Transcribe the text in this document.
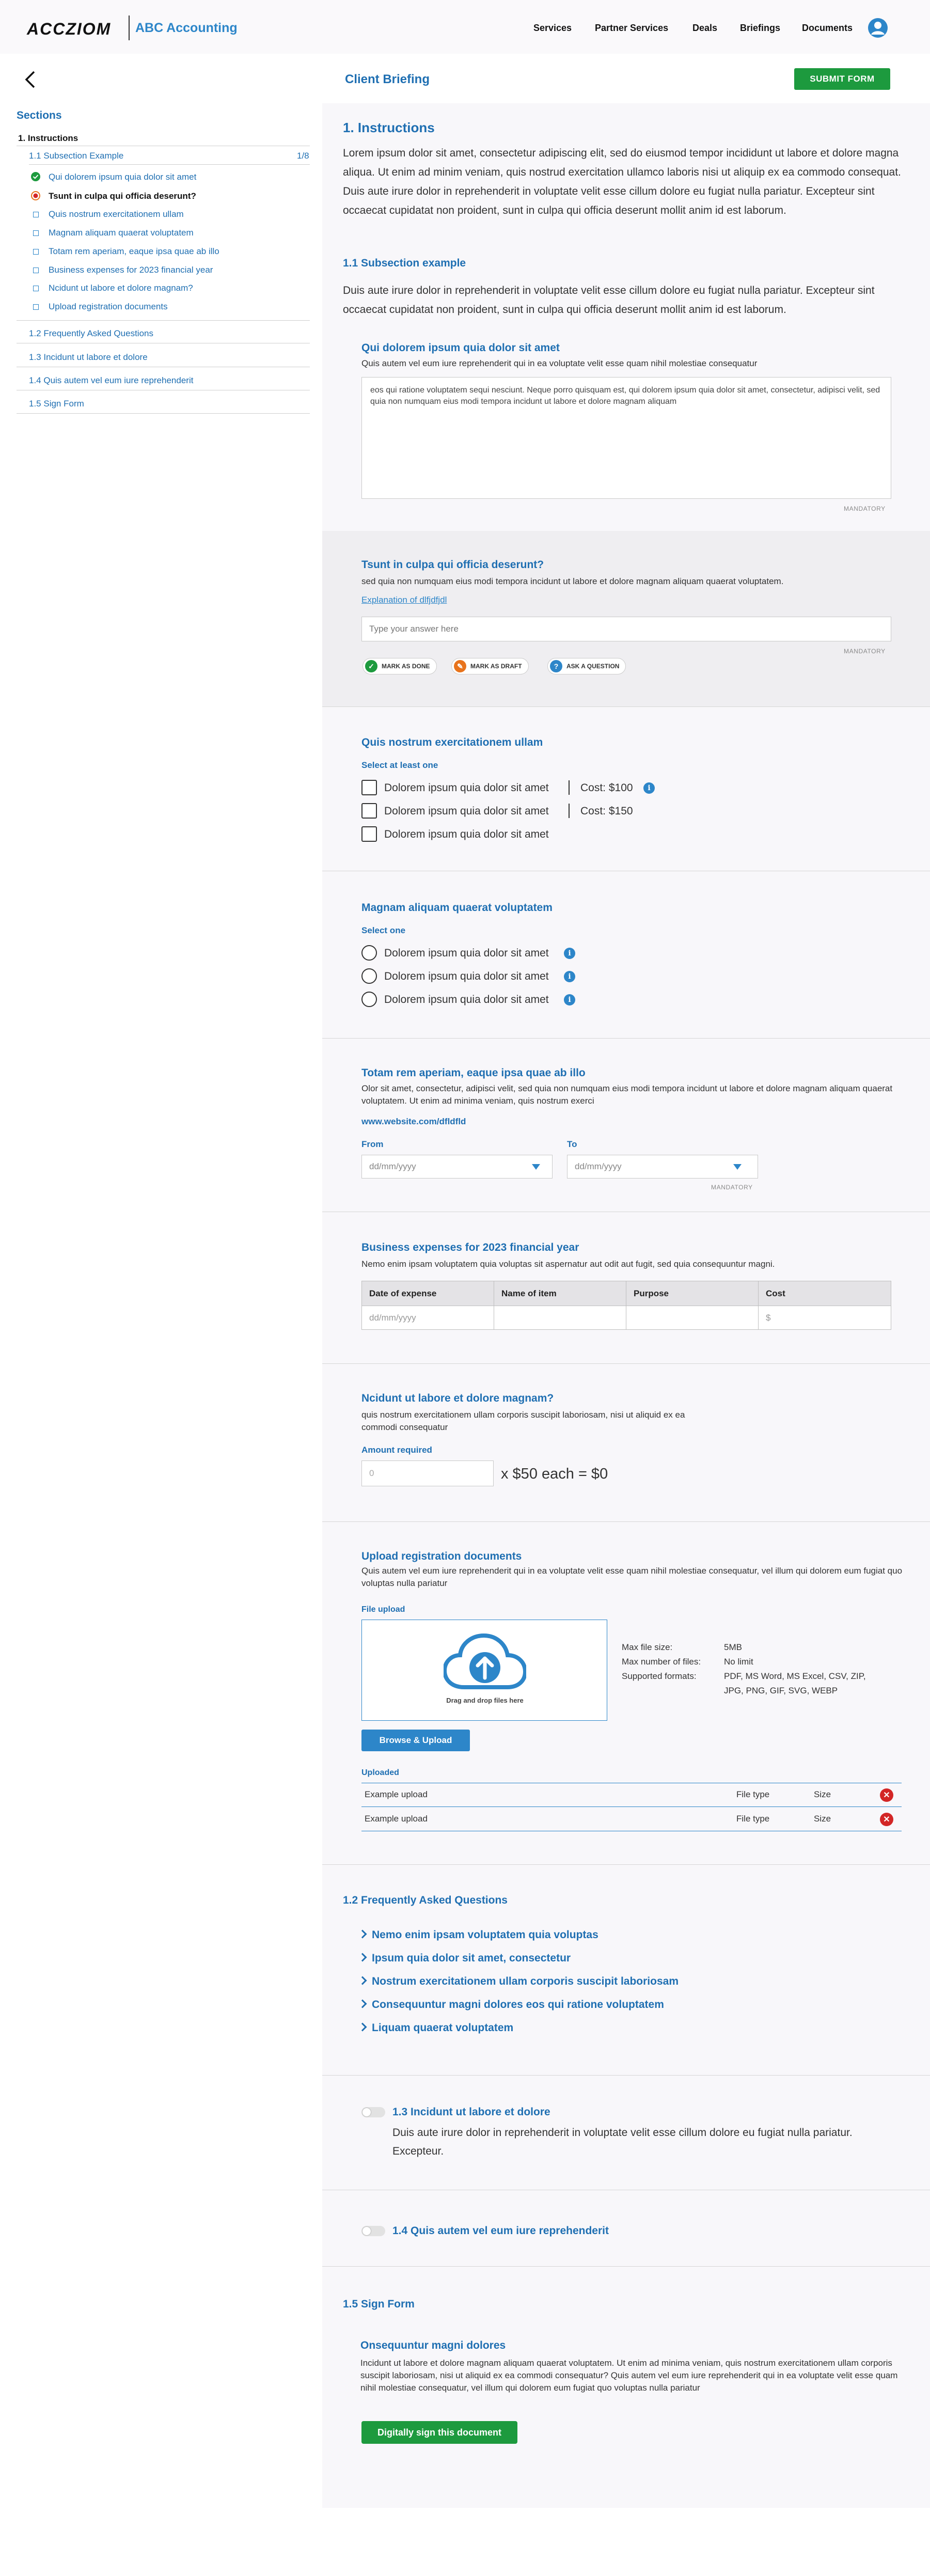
ACCZIOM ABC Accounting	Services Partner Services	Deals Briefings Documents
Sections
1. Instructions
1.1 Subsection Example	1/8
Qui dolorem ipsum quia dolor sit amet
Tsunt in culpa qui officia deserunt?
Quis nostrum exercitationem ullam
Magnam aliquam quaerat voluptatem
Totam rem aperiam, eaque ipsa quae ab illo
Business expenses for 2023 financial year
Ncidunt ut labore et dolore magnam?
Upload registration documents
1.2 Frequently Asked Questions
1.3 Incidunt ut labore et dolore
1.4 Quis autem vel eum iure reprehenderit
1.5 Sign Form
Client Briefing	SUBMIT FORM
1. Instructions
Lorem ipsum dolor sit amet, consectetur adipiscing elit, sed do eiusmod tempor incididunt ut labore et dolore magna aliqua. Ut enim ad minim veniam, quis nostrud exercitation ullamco laboris nisi ut aliquip ex ea commodo consequat. Duis aute irure dolor in reprehenderit in voluptate velit esse cillum dolore eu fugiat nulla pariatur. Excepteur sint occaecat cupidatat non proident, sunt in culpa qui officia deserunt mollit anim id est laborum.
1.1 Subsection example
Duis aute irure dolor in reprehenderit in voluptate velit esse cillum dolore eu fugiat nulla pariatur. Excepteur sint occaecat cupidatat non proident, sunt in culpa qui officia deserunt mollit anim id est laborum.
Qui dolorem ipsum quia dolor sit amet
Quis autem vel eum iure reprehenderit qui in ea voluptate velit esse quam nihil molestiae consequatur
eos qui ratione voluptatem sequi nesciunt. Neque porro quisquam est, qui dolorem ipsum quia dolor sit amet, consectetur, adipisci velit, sed quia non numquam eius modi tempora incidunt ut labore et dolore magnam aliquam
MANDATORY
Tsunt in culpa qui officia deserunt?
sed quia non numquam eius modi tempora incidunt ut labore et dolore magnam aliquam quaerat voluptatem.
Explanation of dlfjdfjdl
Type your answer here
MANDATORY
✓	MARK AS DONE	✎	MARK AS DRAFT	?	ASK A QUESTION
Quis nostrum exercitationem ullam
Select at least one
Dolorem ipsum quia dolor sit amet	Cost: $100	i
Dolorem ipsum quia dolor sit amet	Cost: $150
Dolorem ipsum quia dolor sit amet
Magnam aliquam quaerat voluptatem
Select one
Dolorem ipsum quia dolor sit amet	i
Dolorem ipsum quia dolor sit amet	i
Dolorem ipsum quia dolor sit amet	i
Totam rem aperiam, eaque ipsa quae ab illo
Olor sit amet, consectetur, adipisci velit, sed quia non numquam eius modi tempora incidunt ut labore et dolore magnam aliquam quaerat voluptatem. Ut enim ad minima veniam, quis nostrum exerci
www.website.com/dfldfld
From	To
dd/mm/yyyy	dd/mm/yyyy
MANDATORY
Business expenses for 2023 financial year
Nemo enim ipsam voluptatem quia voluptas sit aspernatur aut odit aut fugit, sed quia consequuntur magni.
Date of expense	Name of item	Purpose	Cost
dd/mm/yyyy			$
Ncidunt ut labore et dolore magnam?
quis nostrum exercitationem ullam corporis suscipit laboriosam, nisi ut aliquid ex ea commodi consequatur
Amount required
0	x $50 each = $0
Upload registration documents
Quis autem vel eum iure reprehenderit qui in ea voluptate velit esse quam nihil molestiae consequatur, vel illum qui dolorem eum fugiat quo voluptas nulla pariatur
File upload
Drag and drop files here
Max file size:	5MB
Max number of files:	No limit
Supported formats:	PDF, MS Word, MS Excel, CSV, ZIP,
JPG, PNG, GIF, SVG, WEBP
Browse & Upload
Uploaded
Example upload	File type	Size	✕
Example upload	File type	Size	✕
1.2 Frequently Asked Questions
Nemo enim ipsam voluptatem quia voluptas
Ipsum quia dolor sit amet, consectetur
Nostrum exercitationem ullam corporis suscipit laboriosam
Consequuntur magni dolores eos qui ratione voluptatem
Liquam quaerat voluptatem
1.3 Incidunt ut labore et dolore
Duis aute irure dolor in reprehenderit in voluptate velit esse cillum dolore eu fugiat nulla pariatur. Excepteur.
1.4 Quis autem vel eum iure reprehenderit
1.5 Sign Form
Onsequuntur magni dolores
Incidunt ut labore et dolore magnam aliquam quaerat voluptatem. Ut enim ad minima veniam, quis nostrum exercitationem ullam corporis suscipit laboriosam, nisi ut aliquid ex ea commodi consequatur? Quis autem vel eum iure reprehenderit qui in ea voluptate velit esse quam nihil molestiae consequatur, vel illum qui dolorem eum fugiat quo voluptas nulla pariatur
Digitally sign this document
